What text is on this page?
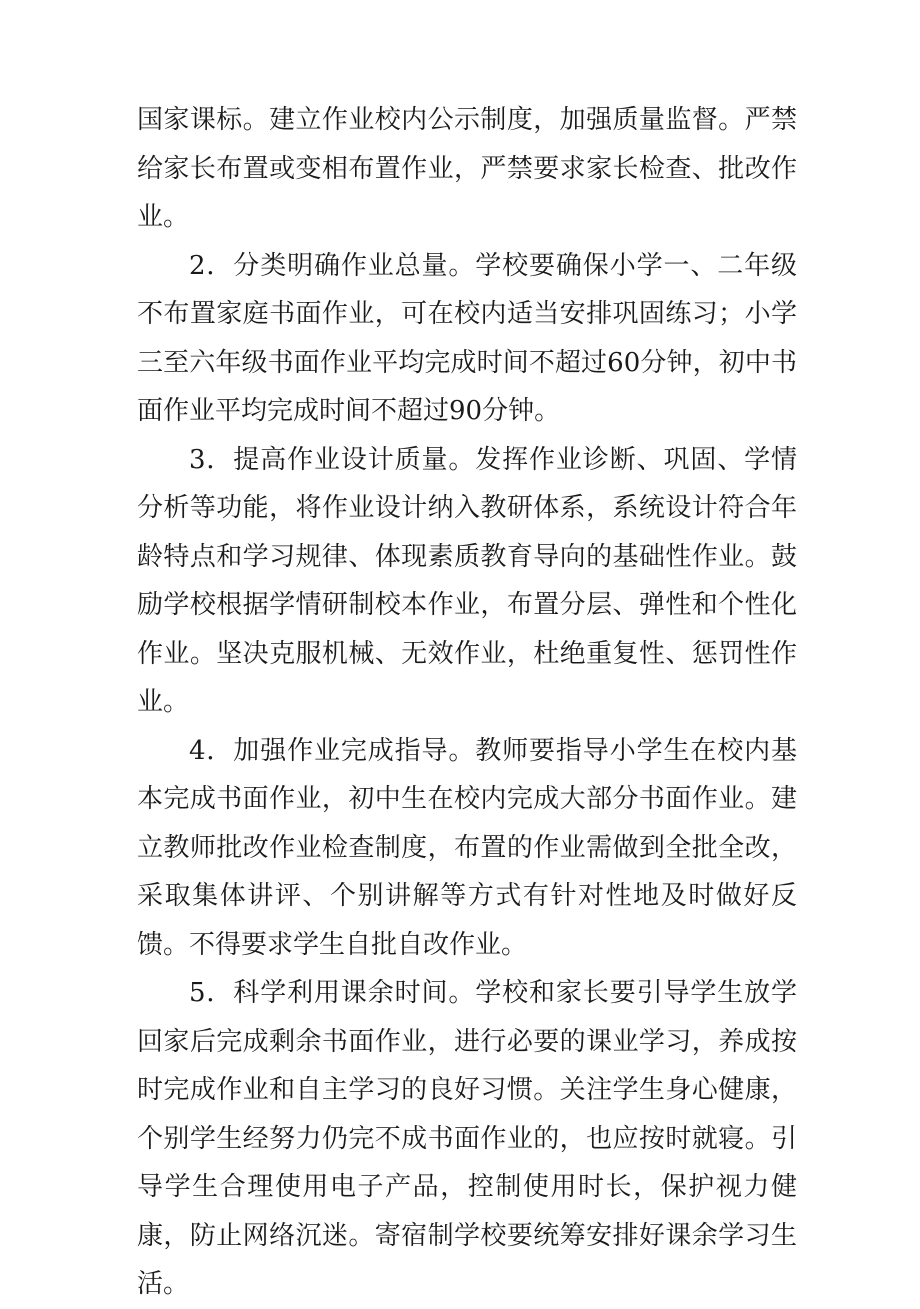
国家课标。建立作业校内公示制度，加强质量监督。严禁给家长布置或变相布置作业，严禁要求家长检查、批改作业。

2．分类明确作业总量。学校要确保小学一、二年级不布置家庭书面作业，可在校内适当安排巩固练习；小学三至六年级书面作业平均完成时间不超过60分钟，初中书面作业平均完成时间不超过90分钟。

3．提高作业设计质量。发挥作业诊断、巩固、学情分析等功能，将作业设计纳入教研体系，系统设计符合年龄特点和学习规律、体现素质教育导向的基础性作业。鼓励学校根据学情研制校本作业，布置分层、弹性和个性化作业。坚决克服机械、无效作业，杜绝重复性、惩罚性作业。

4．加强作业完成指导。教师要指导小学生在校内基本完成书面作业，初中生在校内完成大部分书面作业。建立教师批改作业检查制度，布置的作业需做到全批全改，采取集体讲评、个别讲解等方式有针对性地及时做好反馈。不得要求学生自批自改作业。

5．科学利用课余时间。学校和家长要引导学生放学回家后完成剩余书面作业，进行必要的课业学习，养成按时完成作业和自主学习的良好习惯。关注学生身心健康，个别学生经努力仍完不成书面作业的，也应按时就寝。引导学生合理使用电子产品，控制使用时长，保护视力健康，防止网络沉迷。寄宿制学校要统筹安排好课余学习生活。
